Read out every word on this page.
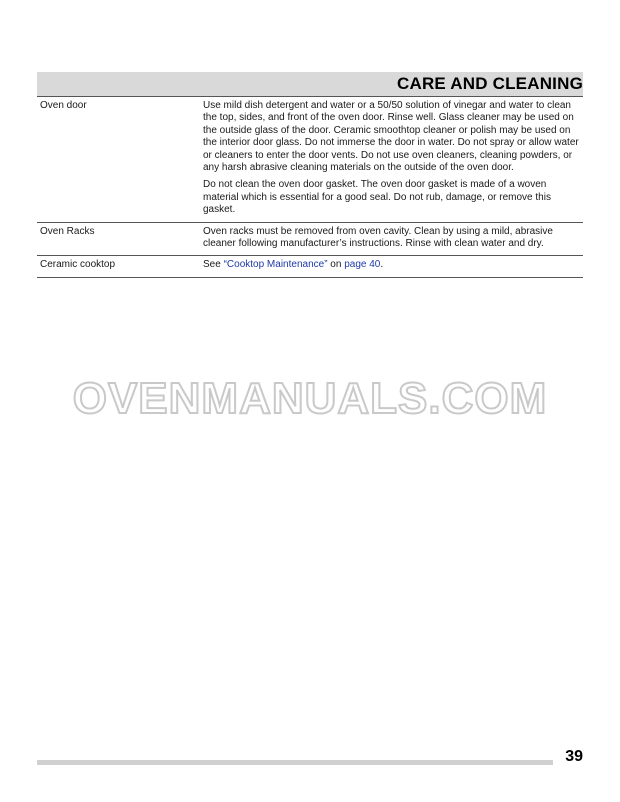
CARE AND CLEANING
Oven door	Use mild dish detergent and water or a 50/50 solution of vinegar and water to clean the top, sides, and front of the oven door. Rinse well. Glass cleaner may be used on the outside glass of the door. Ceramic smoothtop cleaner or polish may be used on the interior door glass. Do not immerse the door in water. Do not spray or allow water or cleaners to enter the door vents. Do not use oven cleaners, cleaning powders, or any harsh abrasive cleaning materials on the outside of the oven door.

Do not clean the oven door gasket. The oven door gasket is made of a woven material which is essential for a good seal. Do not rub, damage, or remove this gasket.

Oven Racks	Oven racks must be removed from oven cavity. Clean by using a mild, abrasive cleaner following manufacturer’s instructions. Rinse with clean water and dry.

Ceramic cooktop	See “Cooktop Maintenance” on page 40.

OVENMANUALS.COM
39
